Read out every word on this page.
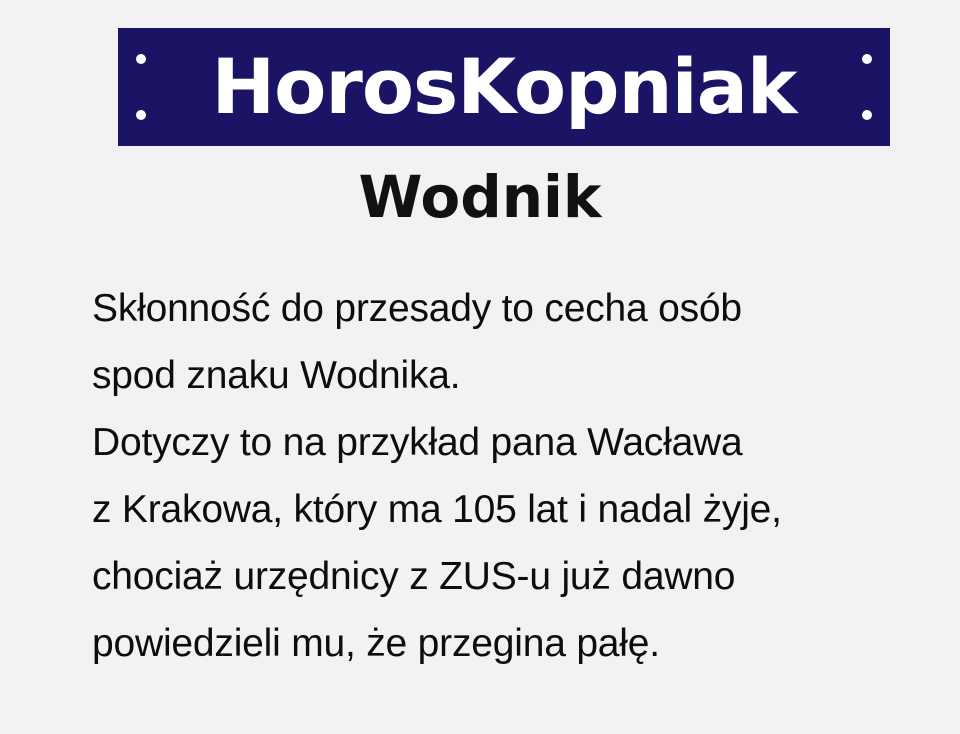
HorosKopniak
Wodnik
Skłonność do przesady to cecha osób
spod znaku Wodnika.
Dotyczy to na przykład pana Wacława
z Krakowa, który ma 105 lat i nadal żyje,
chociaż urzędnicy z ZUS-u już dawno
powiedzieli mu, że przegina pałę.
